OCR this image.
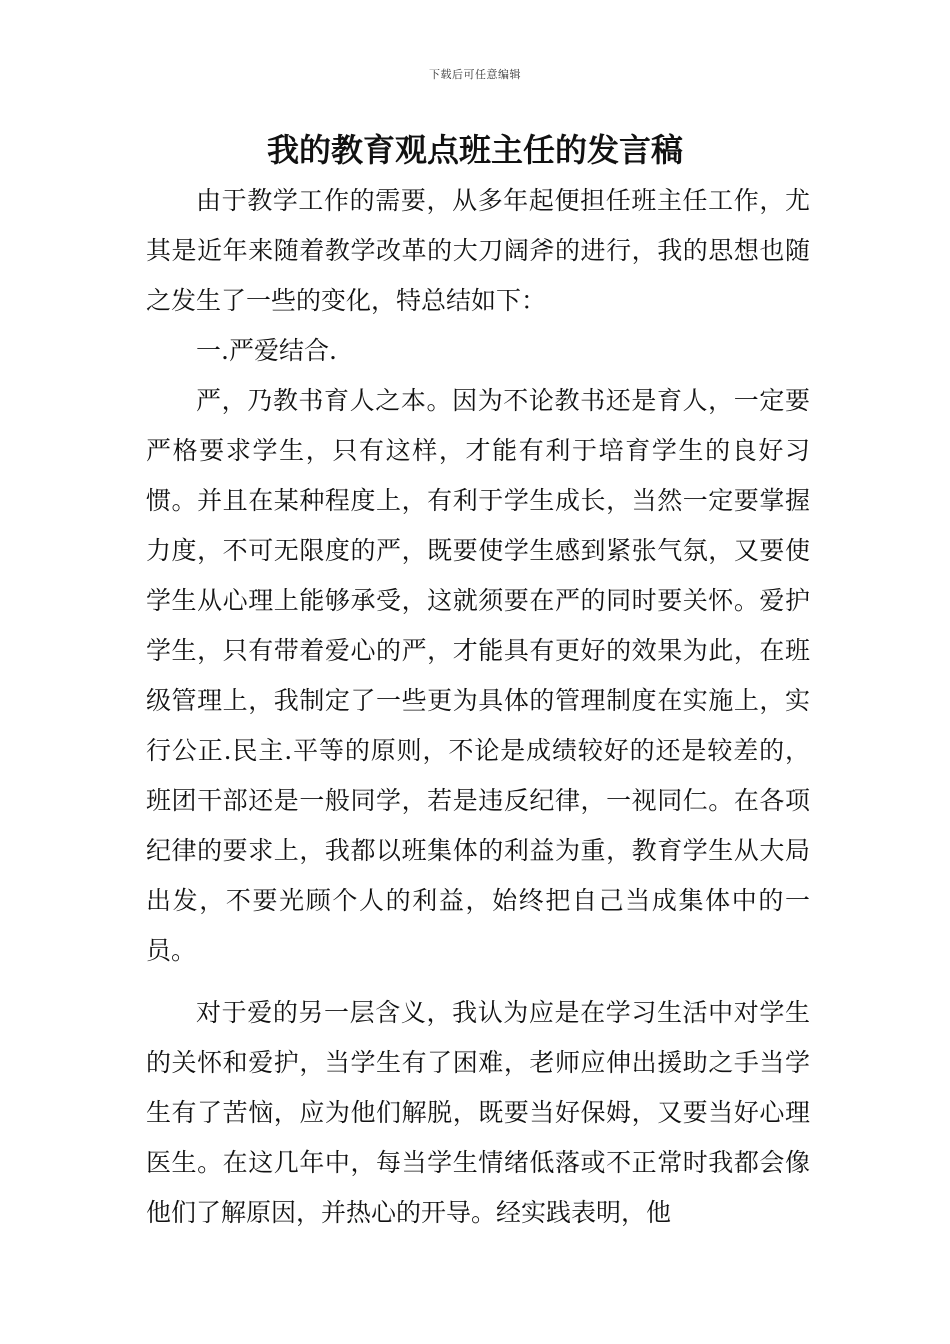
下载后可任意编辑
我的教育观点班主任的发言稿

由于教学工作的需要，从多年起便担任班主任工作，尤其是近年来随着教学改革的大刀阔斧的进行，我的思想也随之发生了一些的变化，特总结如下：

一.严爱结合.

严，乃教书育人之本。因为不论教书还是育人，一定要严格要求学生，只有这样，才能有利于培育学生的良好习惯。并且在某种程度上，有利于学生成长，当然一定要掌握力度，不可无限度的严，既要使学生感到紧张气氛，又要使学生从心理上能够承受，这就须要在严的同时要关怀。爱护学生，只有带着爱心的严，才能具有更好的效果为此，在班级管理上，我制定了一些更为具体的管理制度在实施上，实行公正.民主.平等的原则，不论是成绩较好的还是较差的，班团干部还是一般同学，若是违反纪律，一视同仁。在各项纪律的要求上，我都以班集体的利益为重，教育学生从大局出发，不要光顾个人的利益，始终把自己当成集体中的一员。

对于爱的另一层含义，我认为应是在学习生活中对学生的关怀和爱护，当学生有了困难，老师应伸出援助之手当学生有了苦恼，应为他们解脱，既要当好保姆，又要当好心理医生。在这几年中，每当学生情绪低落或不正常时我都会像他们了解原因，并热心的开导。经实践表明，他
